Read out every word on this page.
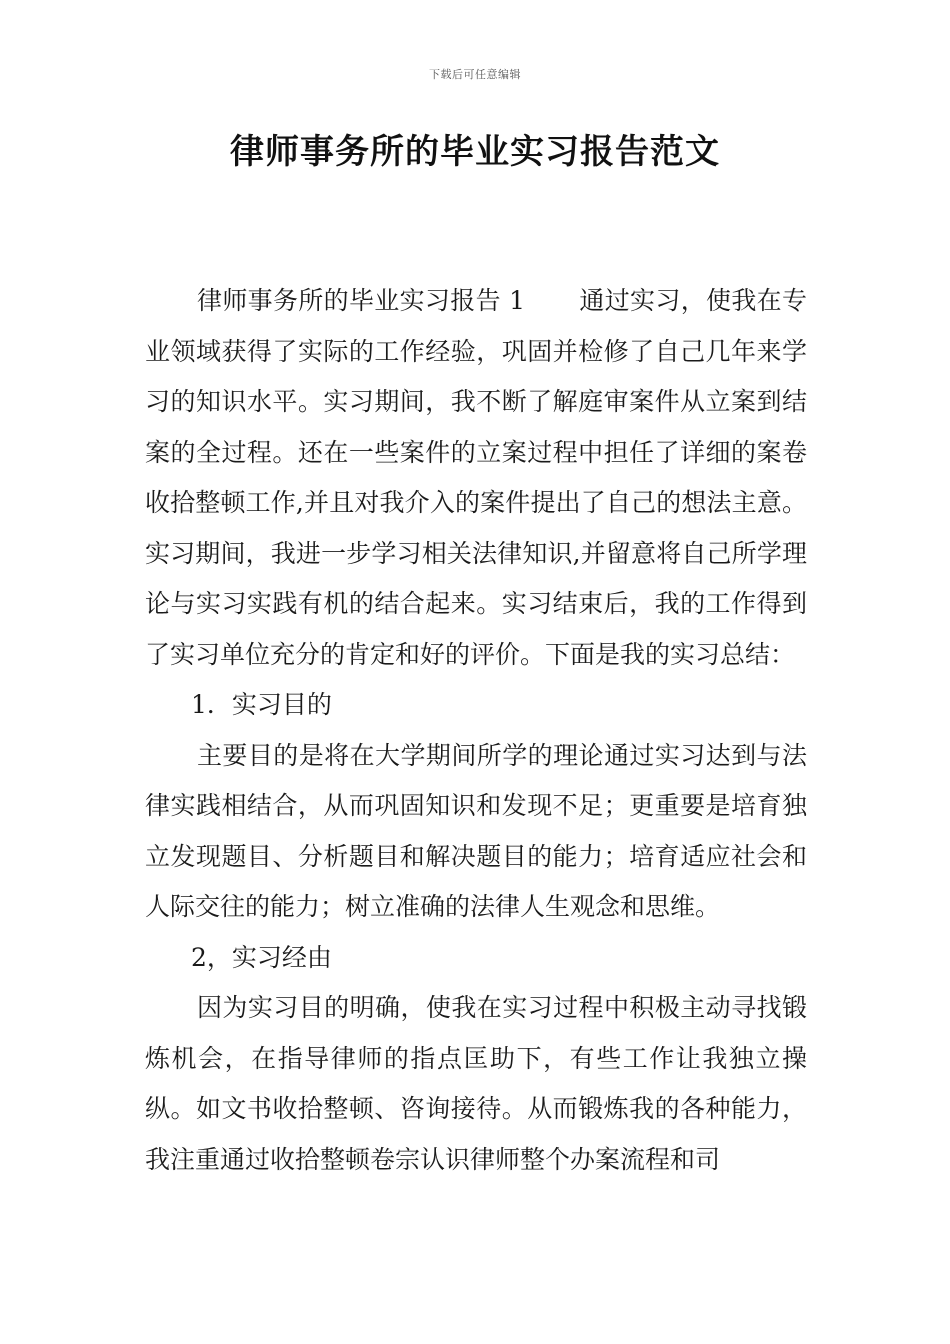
下载后可任意编辑
律师事务所的毕业实习报告范文

律师事务所的毕业实习报告 1 通过实习，使我在专业领域获得了实际的工作经验，巩固并检修了自己几年来学习的知识水平。实习期间，我不断了解庭审案件从立案到结案的全过程。还在一些案件的立案过程中担任了详细的案卷收拾整顿工作,并且对我介入的案件提出了自己的想法主意。实习期间，我进一步学习相关法律知识,并留意将自己所学理论与实习实践有机的结合起来。实习结束后，我的工作得到了实习单位充分的肯定和好的评价。下面是我的实习总结：

1．实习目的

主要目的是将在大学期间所学的理论通过实习达到与法律实践相结合，从而巩固知识和发现不足；更重要是培育独立发现题目、分析题目和解决题目的能力；培育适应社会和人际交往的能力；树立准确的法律人生观念和思维。

2，实习经由

因为实习目的明确，使我在实习过程中积极主动寻找锻炼机会，在指导律师的指点匡助下，有些工作让我独立操纵。如文书收拾整顿、咨询接待。从而锻炼我的各种能力，我注重通过收拾整顿卷宗认识律师整个办案流程和司
